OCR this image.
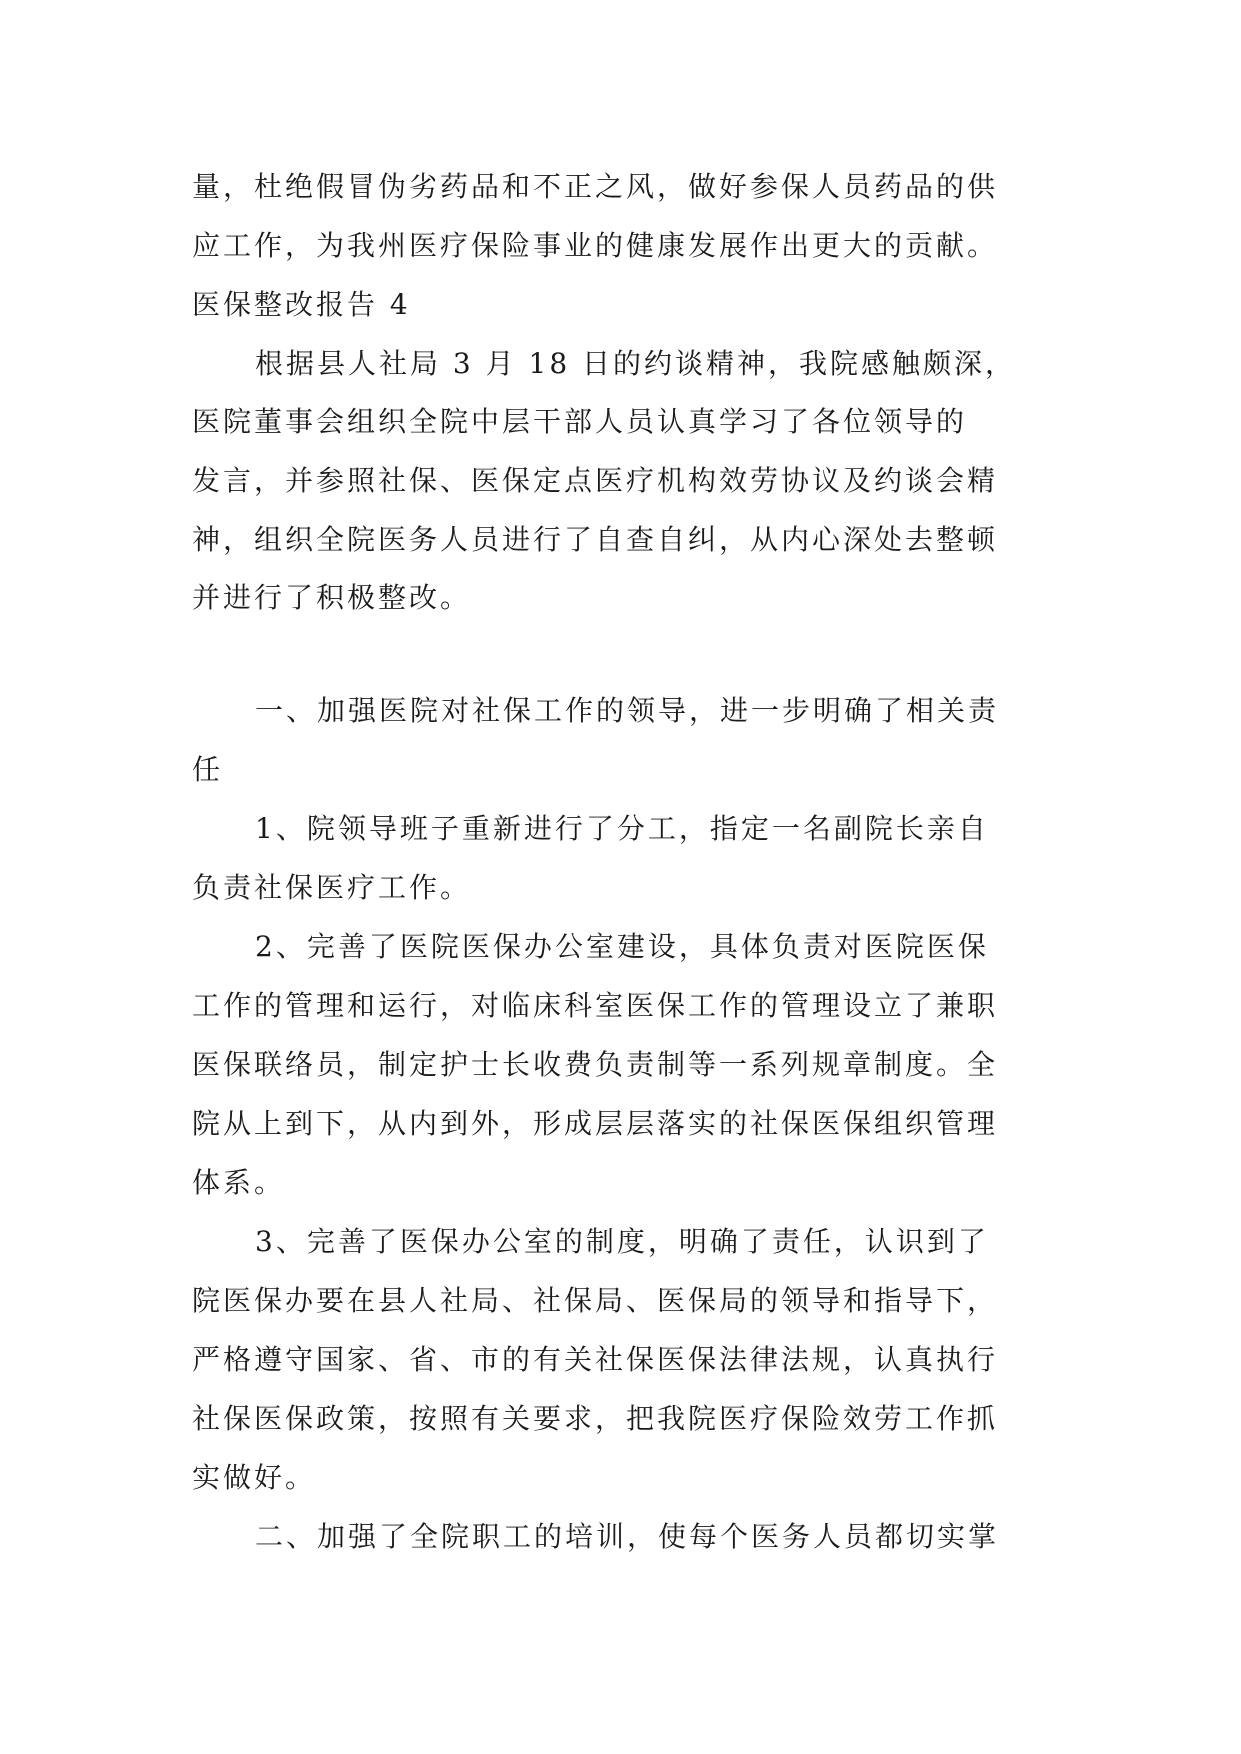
量，杜绝假冒伪劣药品和不正之风，做好参保人员药品的供
应工作，为我州医疗保险事业的健康发展作出更大的贡献。
医保整改报告 4
根据县人社局 3 月 18 日的约谈精神，我院感触颇深，
医院董事会组织全院中层干部人员认真学习了各位领导的
发言，并参照社保、医保定点医疗机构效劳协议及约谈会精
神，组织全院医务人员进行了自查自纠，从内心深处去整顿
并进行了积极整改。
一、加强医院对社保工作的领导，进一步明确了相关责
任
1、院领导班子重新进行了分工，指定一名副院长亲自
负责社保医疗工作。
2、完善了医院医保办公室建设，具体负责对医院医保
工作的管理和运行，对临床科室医保工作的管理设立了兼职
医保联络员，制定护士长收费负责制等一系列规章制度。全
院从上到下，从内到外，形成层层落实的社保医保组织管理
体系。
3、完善了医保办公室的制度，明确了责任，认识到了
院医保办要在县人社局、社保局、医保局的领导和指导下，
严格遵守国家、省、市的有关社保医保法律法规，认真执行
社保医保政策，按照有关要求，把我院医疗保险效劳工作抓
实做好。
二、加强了全院职工的培训，使每个医务人员都切实掌
